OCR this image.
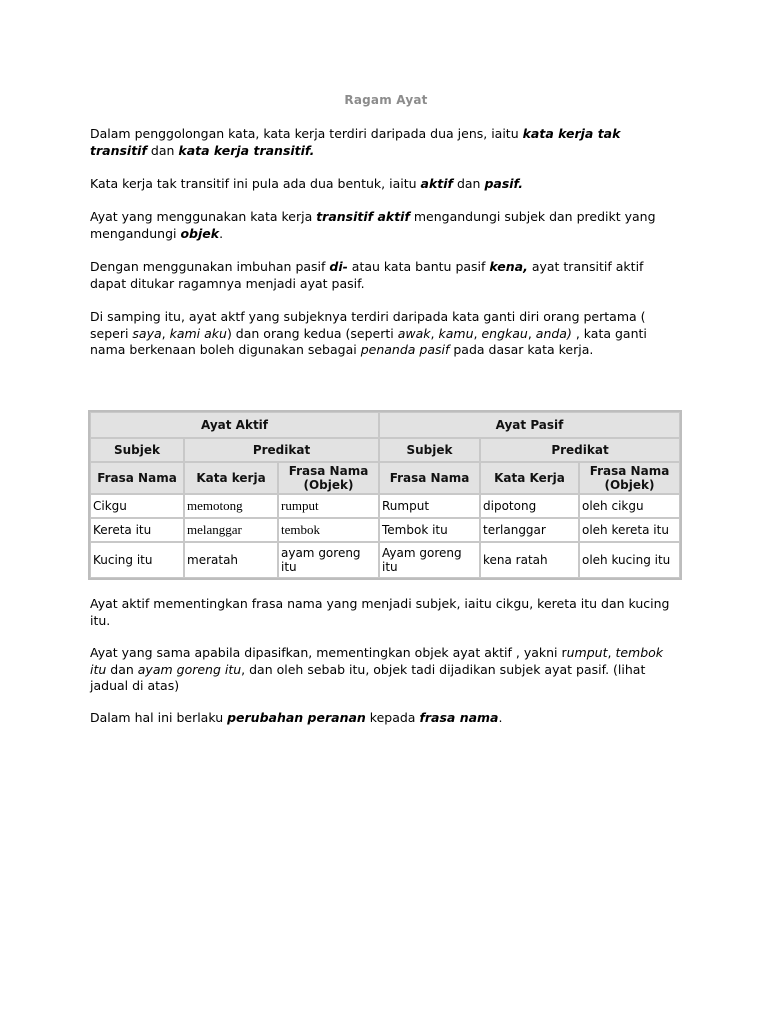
Ragam Ayat
Dalam penggolongan kata, kata kerja terdiri daripada dua jens, iaitu kata kerja tak transitif dan kata kerja transitif.
Kata kerja tak transitif ini pula ada dua bentuk, iaitu aktif dan pasif.
Ayat yang menggunakan kata kerja transitif aktif mengandungi subjek dan predikt yang mengandungi objek.
Dengan menggunakan imbuhan pasif di- atau kata bantu pasif kena, ayat transitif aktif dapat ditukar ragamnya menjadi ayat pasif.
Di samping itu, ayat aktf yang subjeknya terdiri daripada kata ganti diri orang pertama ( seperi saya, kami aku) dan orang kedua (seperti awak, kamu, engkau, anda) , kata ganti nama berkenaan boleh digunakan sebagai penanda pasif pada dasar kata kerja.
Ayat Aktif			Ayat Pasif		
Subjek	Predikat		Subjek	Predikat	
Frasa Nama	Kata kerja	Frasa Nama (Objek)	Frasa Nama	Kata Kerja	Frasa Nama (Objek)
Cikgu	memotong	rumput	Rumput	dipotong	oleh cikgu
Kereta itu	melanggar	tembok	Tembok itu	terlanggar	oleh kereta itu
Kucing itu	meratah	ayam goreng itu	Ayam goreng itu	kena ratah	oleh kucing itu
Ayat aktif mementingkan frasa nama yang menjadi subjek, iaitu cikgu, kereta itu dan kucing itu.
Ayat yang sama apabila dipasifkan, mementingkan objek ayat aktif , yakni rumput, tembok itu dan ayam goreng itu, dan oleh sebab itu, objek tadi dijadikan subjek ayat pasif. (lihat jadual di atas)
Dalam hal ini berlaku perubahan peranan kepada frasa nama.
